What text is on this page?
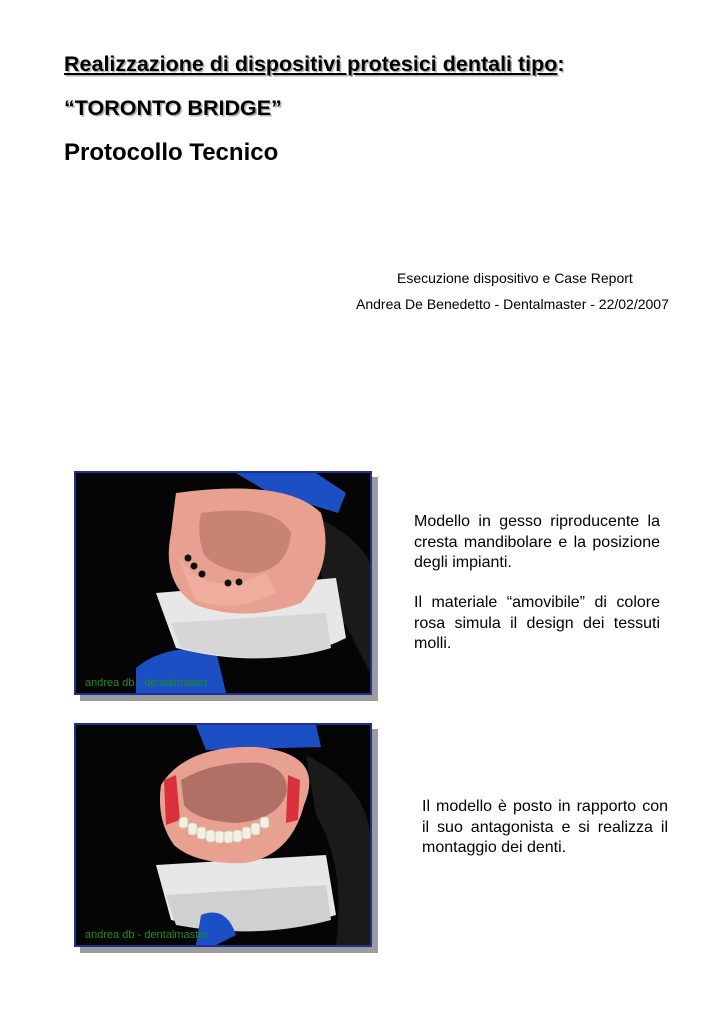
Realizzazione di dispositivi protesici dentali tipo:
“TORONTO BRIDGE”
Protocollo Tecnico

Esecuzione dispositivo e Case Report

Andrea De Benedetto - Dentalmaster - 22/02/2007

andrea db - dentalmaster

Modello in gesso riproducente la cresta mandibolare e la posizione degli impianti.

Il materiale “amovibile” di colore rosa simula il design dei tessuti molli.

andrea db - dentalmaster

Il modello è posto in rapporto con il suo antagonista e si realizza il montaggio dei denti.
